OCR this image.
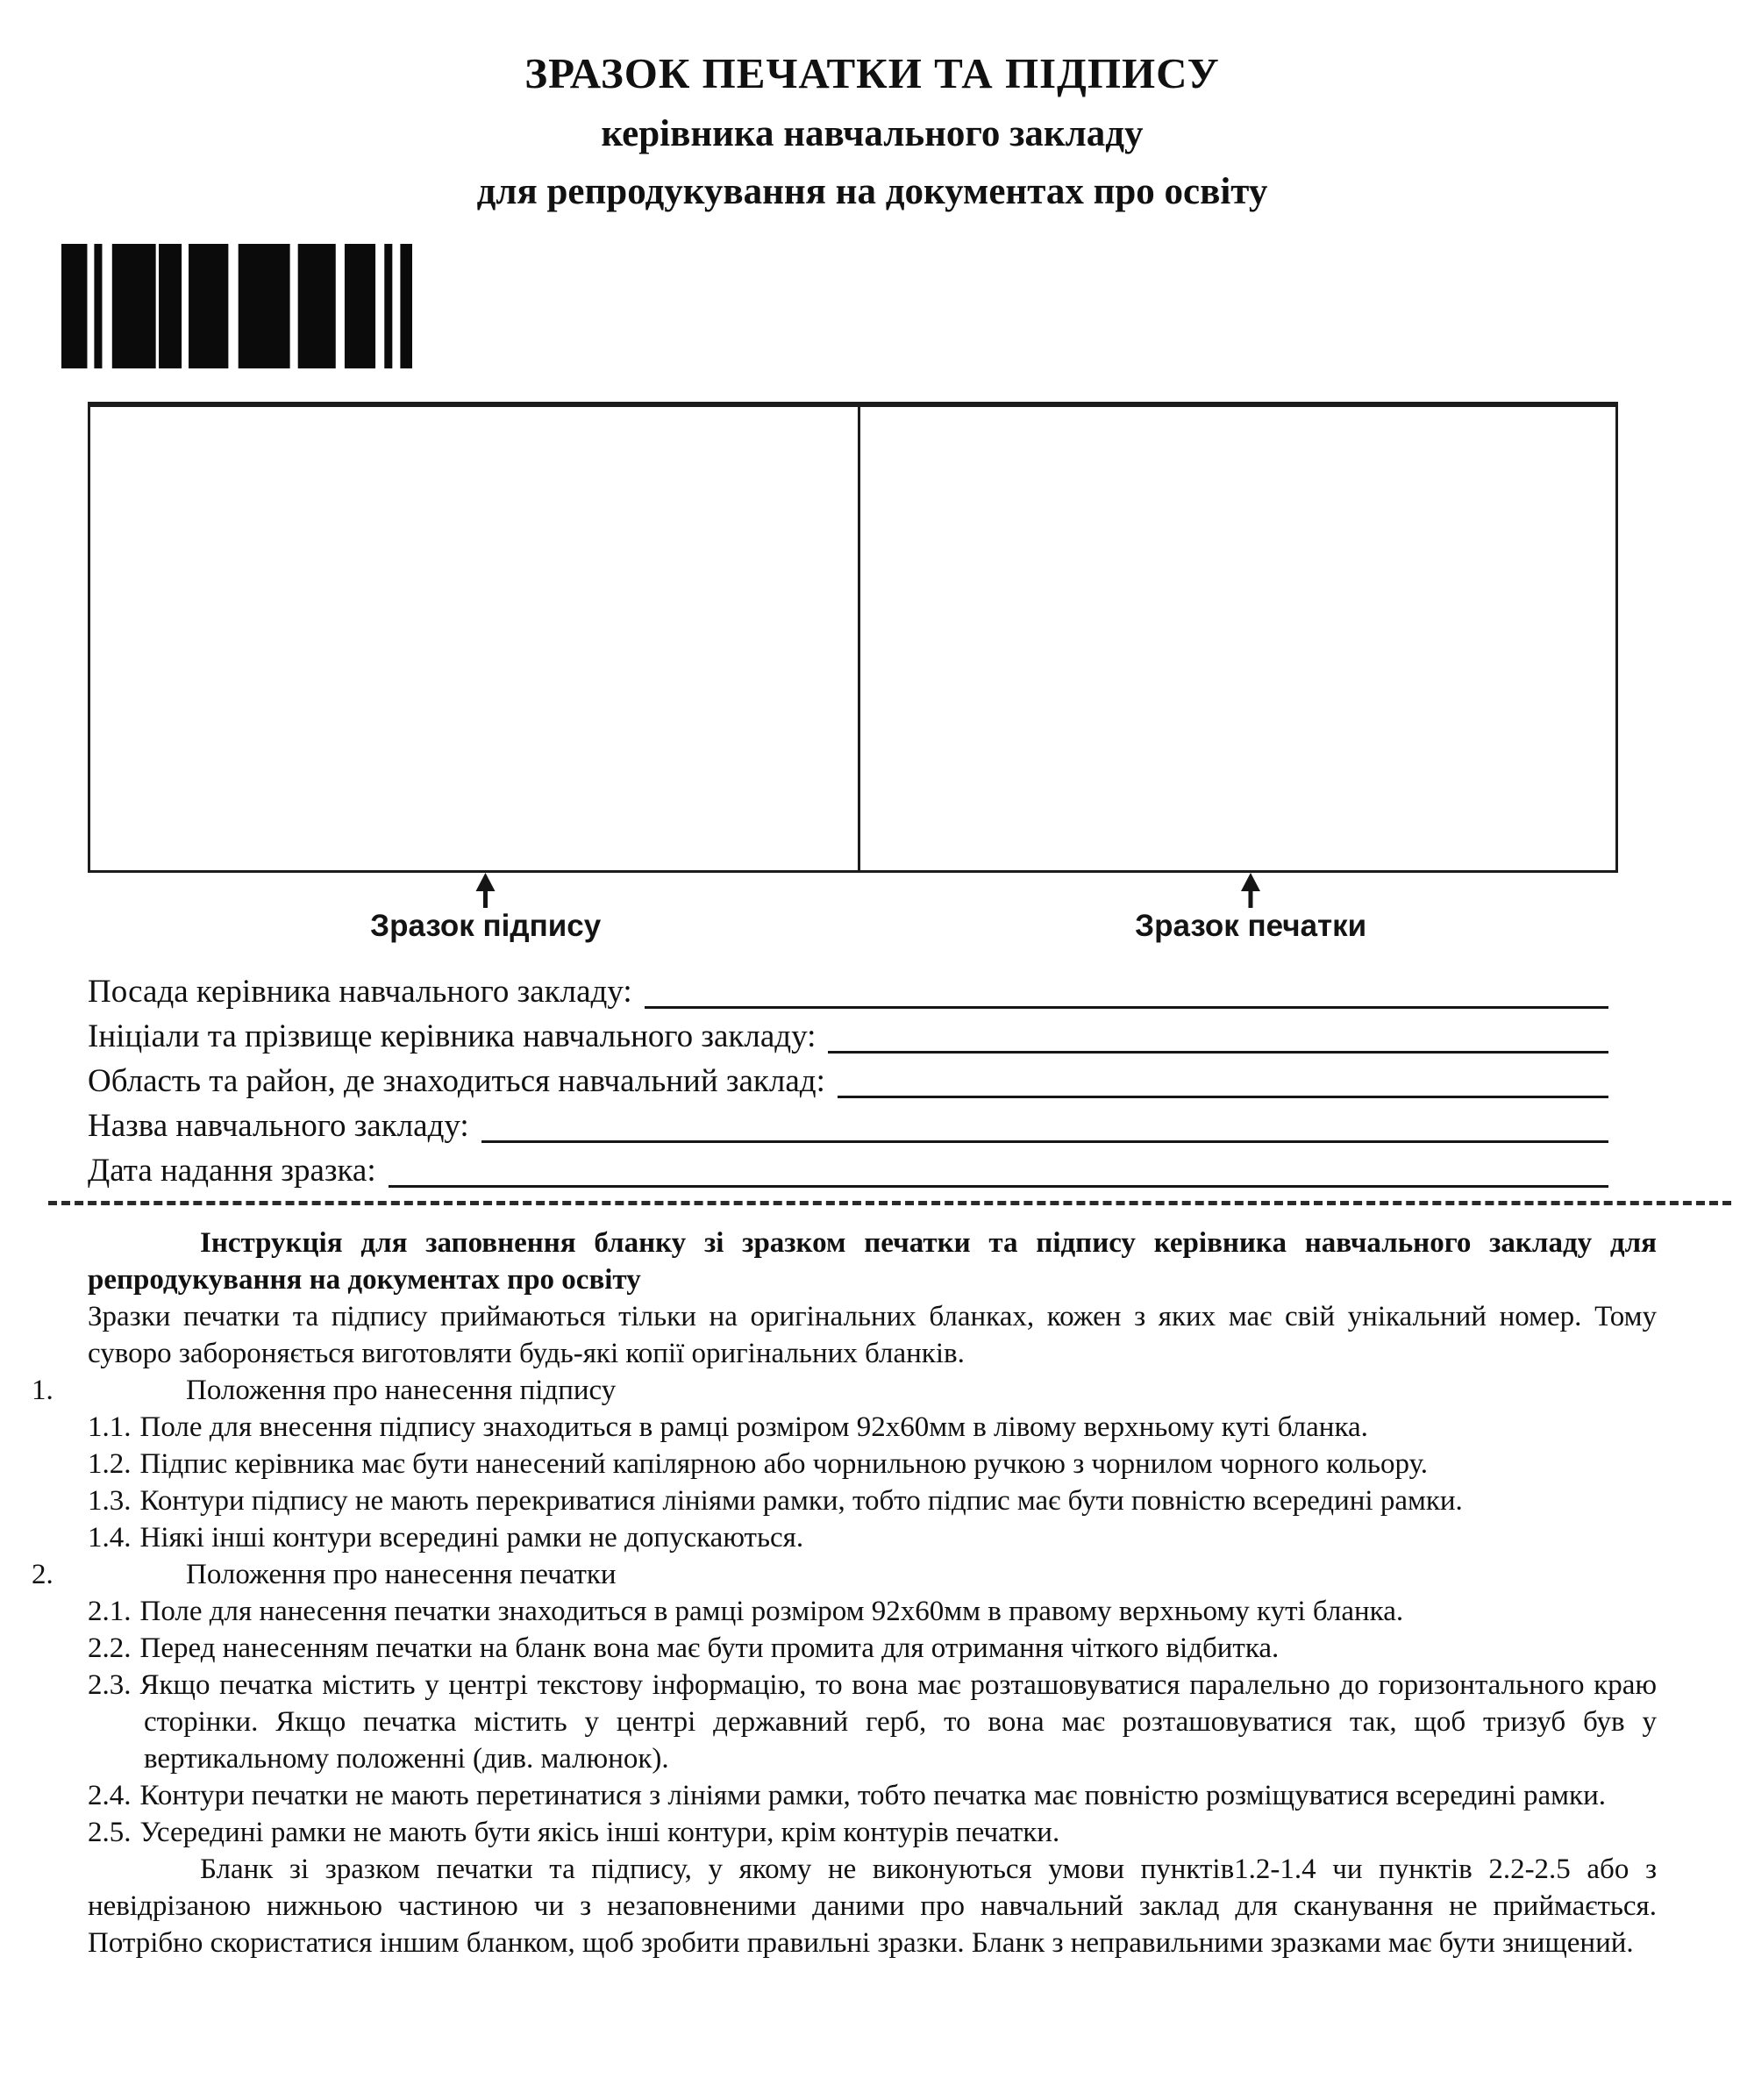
ЗРАЗОК ПЕЧАТКИ ТА ПІДПИСУ
керівника навчального закладу
для репродукування на документах про освіту
Зразок підпису	Зразок печатки
Посада керівника навчального закладу:
Ініціали та прізвище керівника навчального закладу:
Область та район, де знаходиться навчальний заклад:
Назва навчального закладу:
Дата надання зразка:

Інструкція для заповнення бланку зі зразком печатки та підпису керівника навчального закладу для репродукування на документах про освіту

Зразки печатки та підпису приймаються тільки на оригінальних бланках, кожен з яких має свій унікальний номер. Тому суворо забороняється виготовляти будь-які копії оригінальних бланків.

1.	Положення про нанесення підпису
1.1. Поле для внесення підпису знаходиться в рамці розміром 92х60мм в лівому верхньому куті бланка.
1.2. Підпис керівника має бути нанесений капілярною або чорнильною ручкою з чорнилом чорного кольору.
1.3. Контури підпису не мають перекриватися лініями рамки, тобто підпис має бути повністю всередині рамки.
1.4. Ніякі інші контури всередині рамки не допускаються.
2.	Положення про нанесення печатки
2.1. Поле для нанесення печатки знаходиться в рамці розміром 92х60мм в правому верхньому куті бланка.
2.2. Перед нанесенням печатки на бланк вона має бути промита для отримання чіткого відбитка.
2.3. Якщо печатка містить у центрі текстову інформацію, то вона має розташовуватися паралельно до горизонтального краю сторінки. Якщо печатка містить у центрі державний герб, то вона має розташовуватися так, щоб тризуб був у вертикальному положенні (див. малюнок).
2.4. Контури печатки не мають перетинатися з лініями рамки, тобто печатка має повністю розміщуватися всередині рамки.
2.5. Усередині рамки не мають бути якісь інші контури, крім контурів печатки.

Бланк зі зразком печатки та підпису, у якому не виконуються умови пунктів1.2-1.4 чи пунктів 2.2-2.5 або з невідрізаною нижньою частиною чи з незаповненими даними про навчальний заклад для сканування не приймається. Потрібно скористатися іншим бланком, щоб зробити правильні зразки. Бланк з неправильними зразками має бути знищений.
